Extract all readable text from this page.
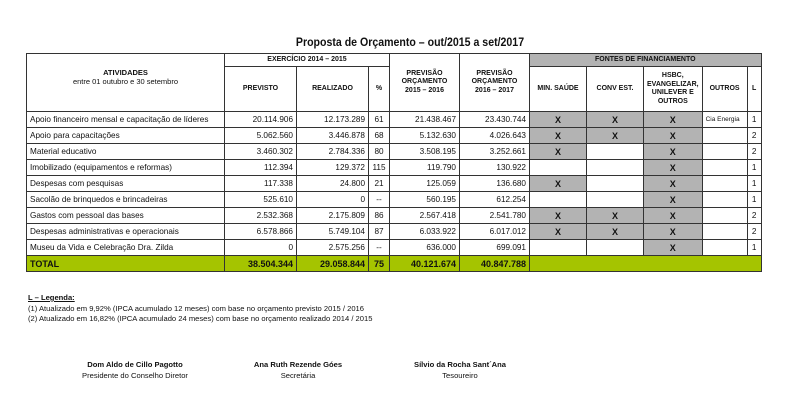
Proposta de Orçamento – out/2015 a set/2017
ATIVIDADES
entre 01 outubro e 30 setembro	EXERCÍCIO 2014 – 2015			PREVISÃO ORÇAMENTO 2015 – 2016	PREVISÃO ORÇAMENTO 2016 – 2017	FONTES DE FINANCIAMENTO				
	PREVISTO	REALIZADO	%			MIN. SAÚDE	CONV EST.	HSBC, EVANGELIZAR, UNILEVER E OUTROS	OUTROS	L
Apoio financeiro mensal e capacitação de líderes	20.114.906	12.173.289	61	21.438.467	23.430.744	X	X	X	Cia Energia	1
Apoio para capacitações	5.062.560	3.446.878	68	5.132.630	4.026.643	X	X	X		2
Material educativo	3.460.302	2.784.336	80	3.508.195	3.252.661	X		X		2
Imobilizado (equipamentos e reformas)	112.394	129.372	115	119.790	130.922			X		1
Despesas com pesquisas	117.338	24.800	21	125.059	136.680	X		X		1
Sacolão de brinquedos e brincadeiras	525.610	0	--	560.195	612.254			X		1
Gastos com pessoal das bases	2.532.368	2.175.809	86	2.567.418	2.541.780	X	X	X		2
Despesas administrativas e operacionais	6.578.866	5.749.104	87	6.033.922	6.017.012	X	X	X		2
Museu da Vida e Celebração Dra. Zilda	0	2.575.256	--	636.000	699.091			X		1
TOTAL	38.504.344	29.058.844	75	40.121.674	40.847.788					
L – Legenda:
(1) Atualizado em 9,92% (IPCA acumulado 12 meses) com base no orçamento previsto 2015 / 2016
(2) Atualizado em 16,82% (IPCA acumulado 24 meses) com base no orçamento realizado 2014 / 2015
Dom Aldo de Cillo Pagotto
Presidente do Conselho Diretor
Ana Ruth Rezende Góes
Secretária
Sílvio da Rocha Sant´Ana
Tesoureiro
